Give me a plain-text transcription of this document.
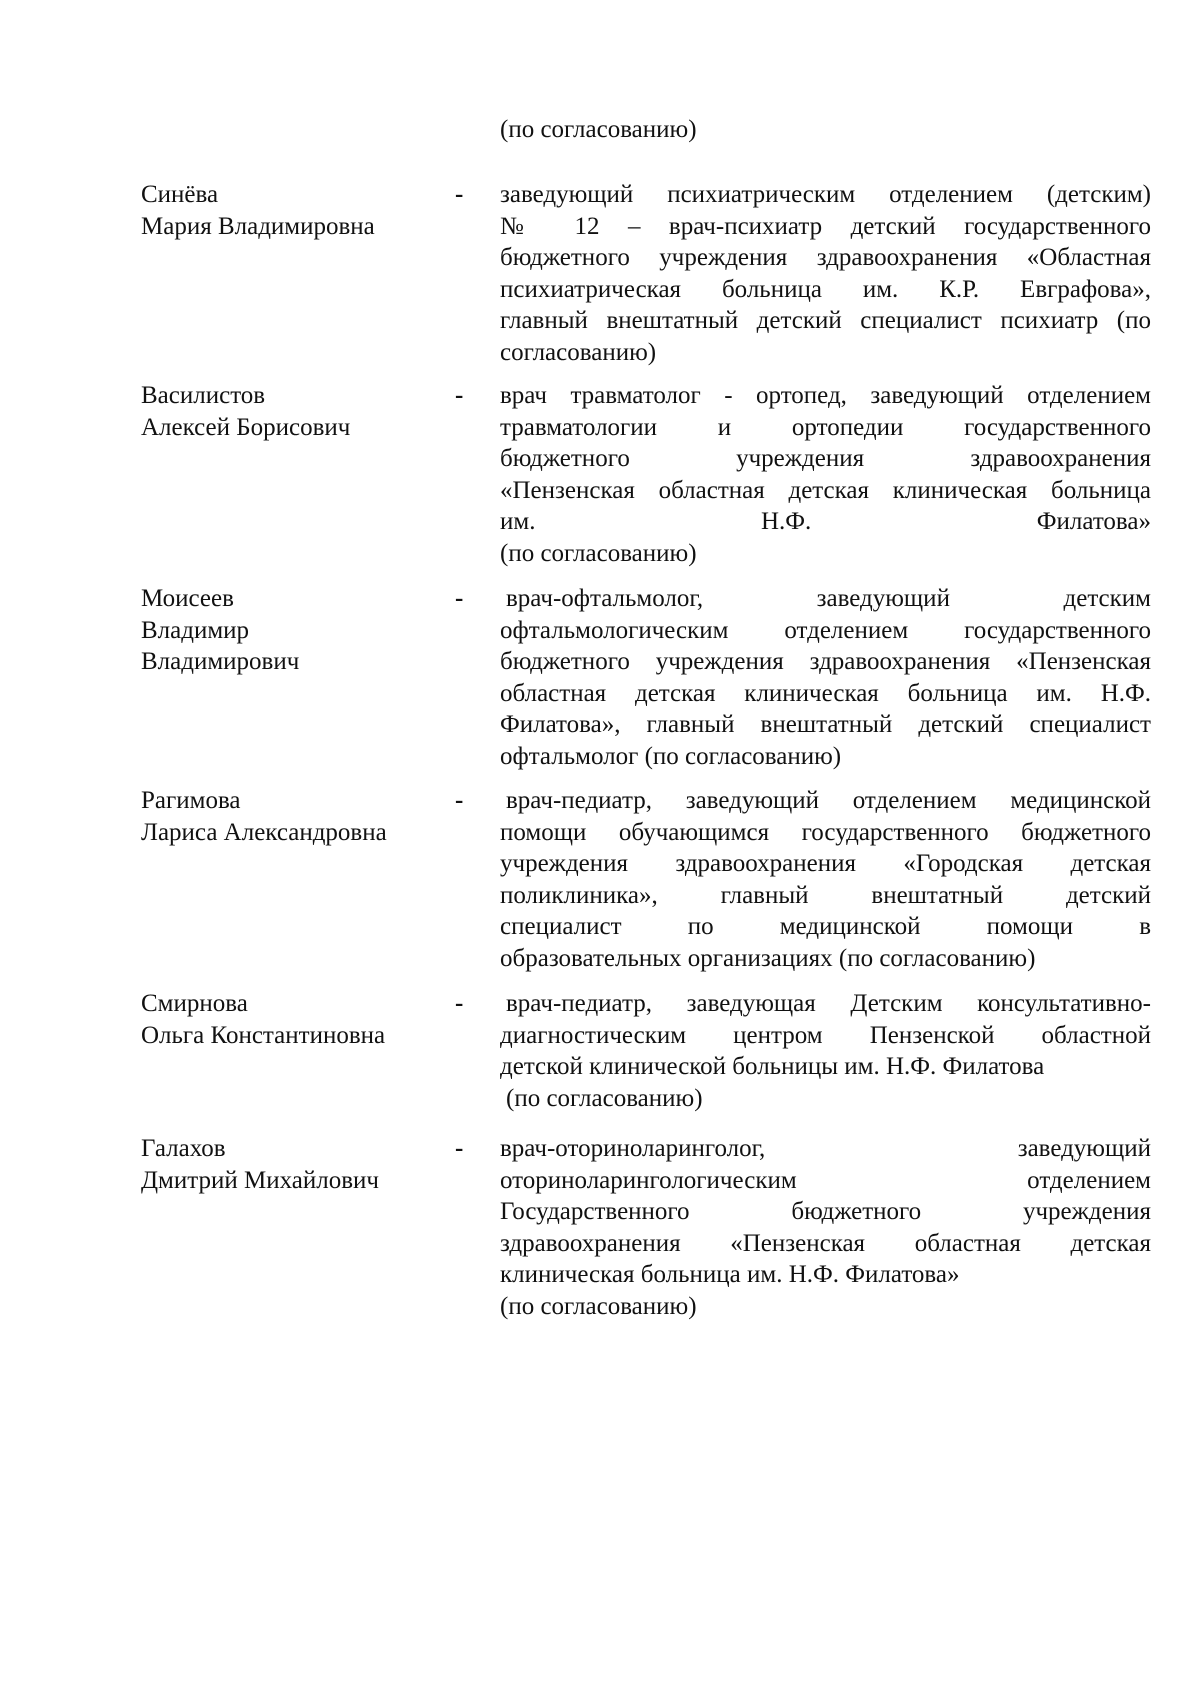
(по согласованию)
Синёва
Мария Владимировна
- заведующий психиатрическим отделением (детским)
№ 12 – врач-психиатр детский государственного
бюджетного учреждения здравоохранения «Областная
психиатрическая больница им. К.Р. Евграфова»,
главный внештатный детский специалист психиатр (по
согласованию)
Василистов
Алексей Борисович
- врач травматолог - ортопед, заведующий отделением
травматологии и ортопедии государственного
бюджетного учреждения здравоохранения
«Пензенская областная детская клиническая больница
им. Н.Ф. Филатова»
(по согласованию)
Моисеев
Владимир
Владимирович
- врач-офтальмолог, заведующий детским
офтальмологическим отделением государственного
бюджетного учреждения здравоохранения «Пензенская
областная детская клиническая больница им. Н.Ф.
Филатова», главный внештатный детский специалист
офтальмолог (по согласованию)
Рагимова
Лариса Александровна
- врач-педиатр, заведующий отделением медицинской
помощи обучающимся государственного бюджетного
учреждения здравоохранения «Городская детская
поликлиника», главный внештатный детский
специалист по медицинской помощи в
образовательных организациях (по согласованию)
Смирнова
Ольга Константиновна
- врач-педиатр, заведующая Детским консультативно-
диагностическим центром Пензенской областной
детской клинической больницы им. Н.Ф. Филатова
(по согласованию)
Галахов
Дмитрий Михайлович
- врач-оториноларинголог, заведующий
оториноларингологическим отделением
Государственного бюджетного учреждения
здравоохранения «Пензенская областная детская
клиническая больница им. Н.Ф. Филатова»
(по согласованию)
